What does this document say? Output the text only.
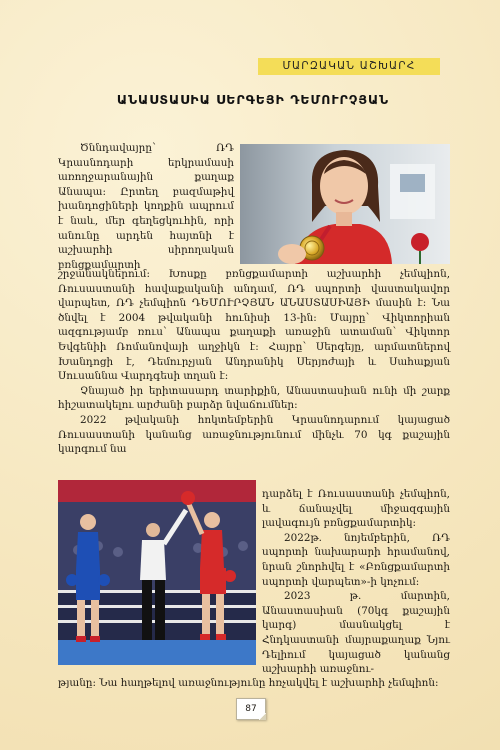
ՄԱՐԶԱԿԱՆ ԱՇԽԱՐՀ
ԱՆԱՍՏԱՍԻԱ ՍԵՐԳԵՅԻ ԴԵՄՈՒՐՉՅԱՆ

Ծննդավայրը՝ ՌԴ Կրասնոդարի երկրամասի առողջարանային քաղաք Անապա: Ըրտեղ բազմաթիվ խանդոցիների կողքին ապրում է նաև, մեր գեղեցկուհին, որի անունը արդեն հայտնի է աշխարհի սիրողական բռնցքամարտի

շրջանակներում: Խոսքը բռնցքամարտի աշխարհի չեմպիոն, Ռուսաստանի հավաքականի անդամ, ՌԴ սպորտի վաստակավոր վարպետ, ՌԴ չեմպիոն ԴԵՄՈՒՐՉՅԱՆ ԱՆԱՍՏԱՍԻԱՅԻ մասին է: Նա ծնվել է 2004 թվականի հունիսի 13-ին: Մայրը՝ Վիկտորիան ազգությամբ ռուս՝ Անապա քաղաքի առաջին ատաման՝ Վիկտոր Եվգենիի Ռոմանովայի աղջիկն է: Հայրը՝ Սերգեյը, արմատներով Խանդոցի է, Դեմուրչյան Անդրանիկ Սերյոժայի և Սահաքյան Սուսաննա Վարդգեսի տղան է:

Չնայած իր երիտասարդ տարիքին, Անաստասիան ունի մի շարք հիշատակելու արժանի բարձր նվաճումներ:

2022 թվականի հոկտեմբերին Կրասնոդարում կայացած Ռուսաստանի կանանց առաջնությունում մինչև 70 կգ քաշային կարգում նա

դարձել է Ռուսաստանի չեմպիոն, և ճանաչվել միջազգային լավագույն բռնցքամարտիկ:

2022թ. նոյեմբերին, ՌԴ սպորտի նախարարի հրամանով, նրան շնորհվել է «Բռնցքամարտի սպորտի վարպետ»-ի կոչում:

2023 թ. մարտին, Անաստասիան (70կգ քաշային կարգ) մասնակցել է Հնդկաստանի մայրաքաղաք Նյու Դելիում կայացած կանանց աշխարհի առաջնու-

թյանը: Նա հաղթելով առաջնությունը հռչակվել է աշխարհի չեմպիոն:

87
